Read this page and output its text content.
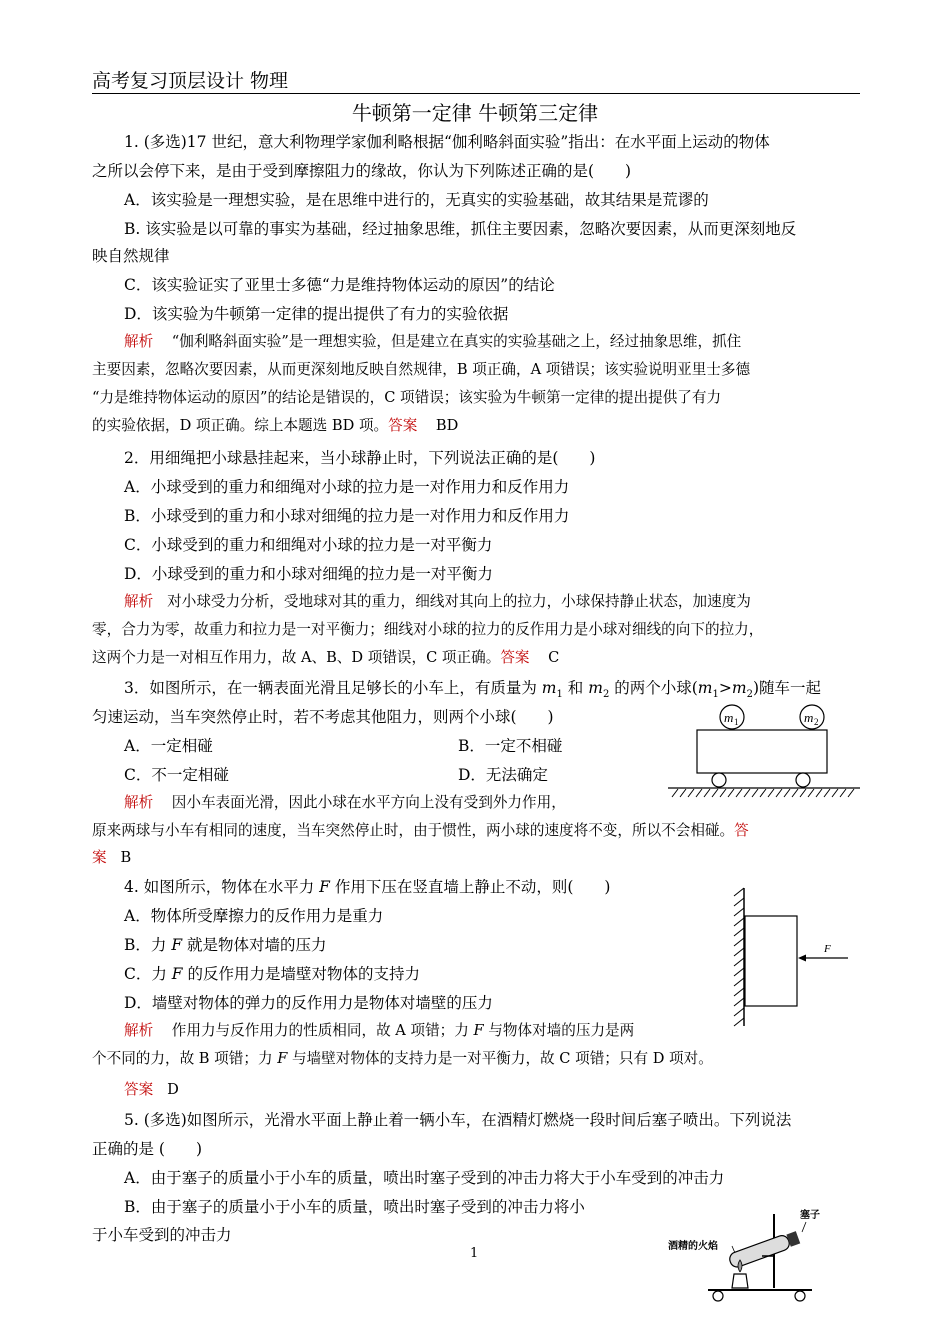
高考复习顶层设计 物理
牛顿第一定律 牛顿第三定律
1. (多选)17 世纪，意大利物理学家伽利略根据“伽利略斜面实验”指出：在水平面上运动的物体
之所以会停下来，是由于受到摩擦阻力的缘故，你认为下列陈述正确的是(　　)
A．该实验是一理想实验，是在思维中进行的，无真实的实验基础，故其结果是荒谬的
B. 该实验是以可靠的事实为基础，经过抽象思维，抓住主要因素，忽略次要因素，从而更深刻地反
映自然规律
C．该实验证实了亚里士多德“力是维持物体运动的原因”的结论
D．该实验为牛顿第一定律的提出提供了有力的实验依据
解析 “伽利略斜面实验”是一理想实验，但是建立在真实的实验基础之上，经过抽象思维，抓住
主要因素，忽略次要因素，从而更深刻地反映自然规律，B 项正确，A 项错误；该实验说明亚里士多德
“力是维持物体运动的原因”的结论是错误的，C 项错误；该实验为牛顿第一定律的提出提供了有力
的实验依据，D 项正确。综上本题选 BD 项。答案 BD
2．用细绳把小球悬挂起来，当小球静止时，下列说法正确的是(　　)
A．小球受到的重力和细绳对小球的拉力是一对作用力和反作用力
B．小球受到的重力和小球对细绳的拉力是一对作用力和反作用力
C．小球受到的重力和细绳对小球的拉力是一对平衡力
D．小球受到的重力和小球对细绳的拉力是一对平衡力
解析 对小球受力分析，受地球对其的重力，细线对其向上的拉力，小球保持静止状态，加速度为
零，合力为零，故重力和拉力是一对平衡力；细线对小球的拉力的反作用力是小球对细线的向下的拉力，
这两个力是一对相互作用力，故 A、B、D 项错误，C 项正确。答案 C
3．如图所示，在一辆表面光滑且足够长的小车上，有质量为 $m_1$ 和 $m_2$ 的两个小球$(m_1>m_2)$随车一起
匀速运动，当车突然停止时，若不考虑其他阻力，则两个小球(　　)
A．一定相碰	B．一定不相碰
C．不一定相碰	D．无法确定
解析 因小车表面光滑，因此小球在水平方向上没有受到外力作用，
原来两球与小车有相同的速度，当车突然停止时，由于惯性，两小球的速度将不变，所以不会相碰。答
案 B
m 1	m 2
4. 如图所示，物体在水平力 F 作用下压在竖直墙上静止不动，则(　　)
A．物体所受摩擦力的反作用力是重力
B．力 F 就是物体对墙的压力
C．力 F 的反作用力是墙壁对物体的支持力
D．墙壁对物体的弹力的反作用力是物体对墙壁的压力
解析 作用力与反作用力的性质相同，故 A 项错；力 F 与物体对墙的压力是两
个不同的力，故 B 项错；力 F 与墙壁对物体的支持力是一对平衡力，故 C 项错；只有 D 项对。
答案 D
F
5. (多选)如图所示，光滑水平面上静止着一辆小车，在酒精灯燃烧一段时间后塞子喷出。下列说法
正确的是 (　　)
A．由于塞子的质量小于小车的质量，喷出时塞子受到的冲击力将大于小车受到的冲击力
B．由于塞子的质量小于小车的质量，喷出时塞子受到的冲击力将小
于小车受到的冲击力
酒精的火焰
塞子
1
